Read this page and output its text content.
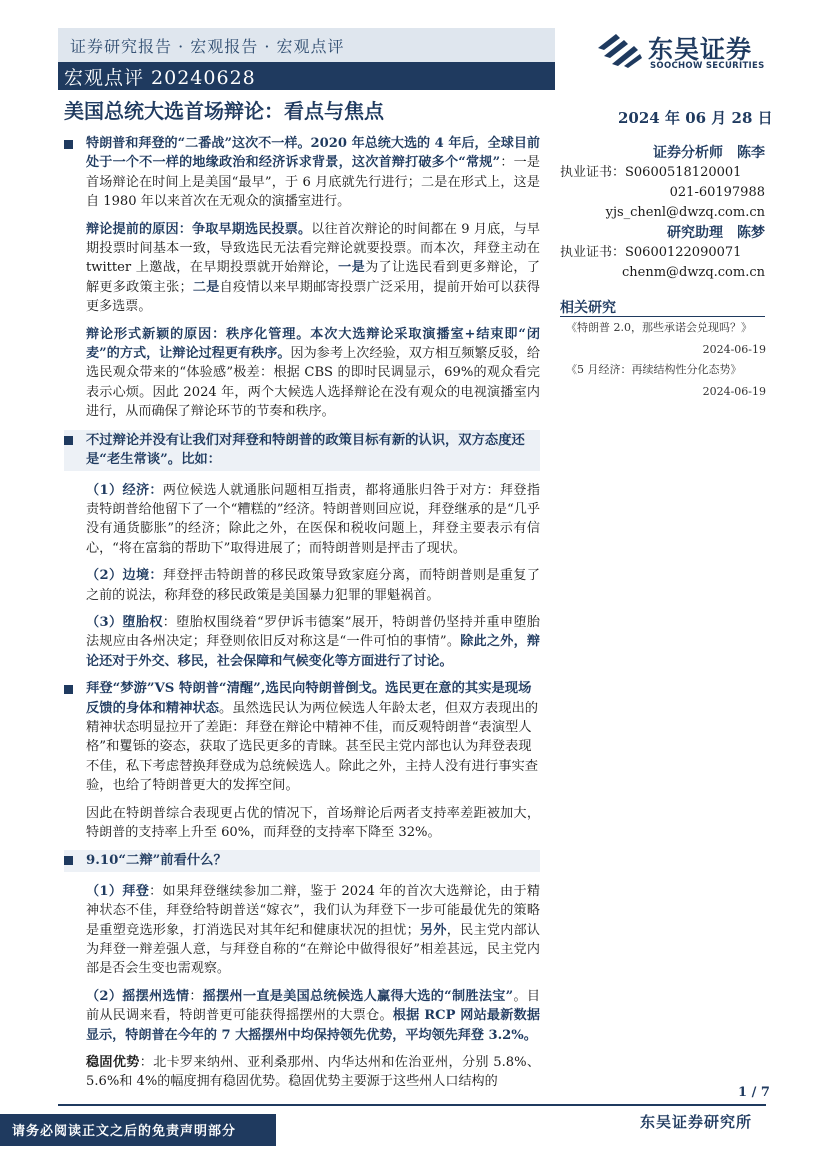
证券研究报告 · 宏观报告 · 宏观点评
宏观点评 20240628
东吴证券
SOOCHOW SECURITIES
美国总统大选首场辩论：看点与焦点	2024 年 06 月 28 日

特朗普和拜登的“二番战”这次不一样。2020 年总统大选的 4 年后，全球目前处于一个不一样的地缘政治和经济诉求背景，这次首辩打破多个“常规”：一是首场辩论在时间上是美国“最早”，于 6 月底就先行进行；二是在形式上，这是自 1980 年以来首次在无观众的演播室进行。

辩论提前的原因：争取早期选民投票。以往首次辩论的时间都在 9 月底，与早期投票时间基本一致，导致选民无法看完辩论就要投票。而本次，拜登主动在 twitter 上邀战，在早期投票就开始辩论，一是为了让选民看到更多辩论，了解更多政策主张；二是自疫情以来早期邮寄投票广泛采用，提前开始可以获得更多选票。

辩论形式新颖的原因：秩序化管理。本次大选辩论采取演播室+结束即“闭麦”的方式，让辩论过程更有秩序。因为参考上次经验，双方相互频繁反驳，给选民观众带来的“体验感”极差：根据 CBS 的即时民调显示，69%的观众看完表示心烦。因此 2024 年，两个大候选人选择辩论在没有观众的电视演播室内进行，从而确保了辩论环节的节奏和秩序。

不过辩论并没有让我们对拜登和特朗普的政策目标有新的认识，双方态度还是“老生常谈”。比如：

（1）经济：两位候选人就通胀问题相互指责，都将通胀归咎于对方：拜登指责特朗普给他留下了一个“糟糕的”经济。特朗普则回应说，拜登继承的是“几乎没有通货膨胀”的经济；除此之外，在医保和税收问题上，拜登主要表示有信心，“将在富翁的帮助下”取得进展了；而特朗普则是抨击了现状。

（2）边境：拜登抨击特朗普的移民政策导致家庭分离，而特朗普则是重复了之前的说法，称拜登的移民政策是美国暴力犯罪的罪魁祸首。

（3）堕胎权：堕胎权围绕着“罗伊诉韦德案”展开，特朗普仍坚持并重申堕胎法规应由各州决定；拜登则依旧反对称这是“一件可怕的事情”。除此之外，辩论还对于外交、移民，社会保障和气候变化等方面进行了讨论。

拜登“梦游”VS 特朗普“清醒”,选民向特朗普倒戈。选民更在意的其实是现场反馈的身体和精神状态。虽然选民认为两位候选人年龄太老，但双方表现出的精神状态明显拉开了差距：拜登在辩论中精神不佳，而反观特朗普“表演型人格”和矍铄的姿态，获取了选民更多的青睐。甚至民主党内部也认为拜登表现不佳，私下考虑替换拜登成为总统候选人。除此之外，主持人没有进行事实查验，也给了特朗普更大的发挥空间。

因此在特朗普综合表现更占优的情况下，首场辩论后两者支持率差距被加大，特朗普的支持率上升至 60%，而拜登的支持率下降至 32%。

9.10“二辩”前看什么？

（1）拜登：如果拜登继续参加二辩，鉴于 2024 年的首次大选辩论，由于精神状态不佳，拜登给特朗普送“嫁衣”，我们认为拜登下一步可能最优先的策略是重塑竞选形象，打消选民对其年纪和健康状况的担忧；另外，民主党内部认为拜登一辩差强人意，与拜登自称的“在辩论中做得很好”相差甚远，民主党内部是否会生变也需观察。

（2）摇摆州选情：摇摆州一直是美国总统候选人赢得大选的“制胜法宝”。目前从民调来看，特朗普更可能获得摇摆州的大票仓。根据 RCP 网站最新数据显示，特朗普在今年的 7 大摇摆州中均保持领先优势，平均领先拜登 3.2%。

稳固优势：北卡罗来纳州、亚利桑那州、内华达州和佐治亚州，分别 5.8%、5.6%和 4%的幅度拥有稳固优势。稳固优势主要源于这些州人口结构的

证券分析师　陈李
执业证书：S0600518120001
021-60197988
yjs_chenl@dwzq.com.cn
研究助理　陈梦
执业证书：S0600122090071
chenm@dwzq.com.cn
相关研究
《特朗普 2.0，那些承诺会兑现吗？》
2024-06-19
《5 月经济：再续结构性分化态势》
2024-06-19
1 / 7
请务必阅读正文之后的免责声明部分
东吴证券研究所
